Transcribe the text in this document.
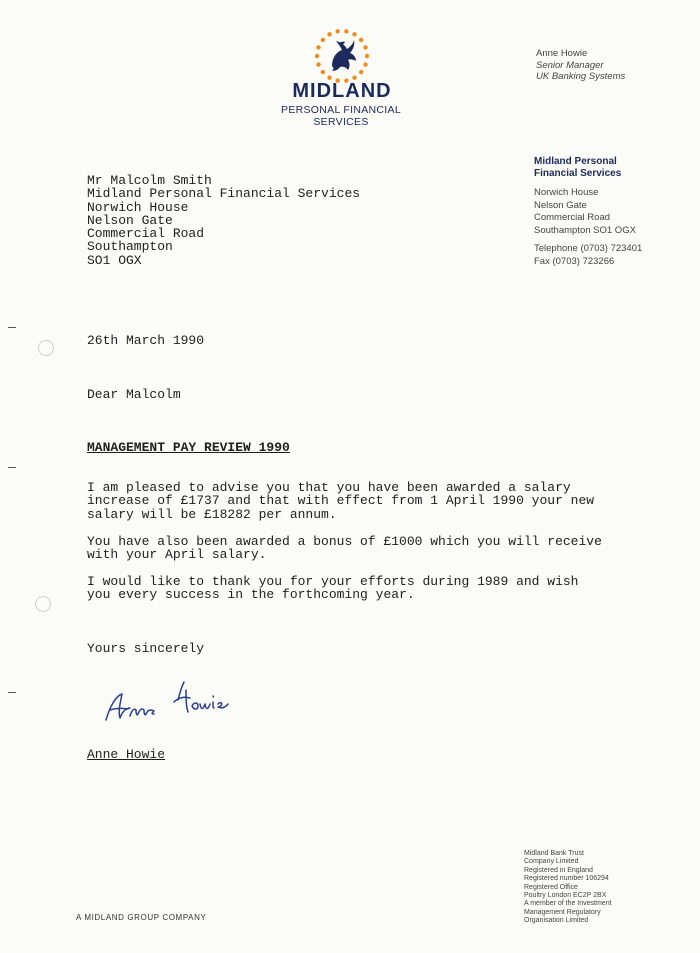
MIDLAND
PERSONAL FINANCIAL
SERVICES
Anne Howie
Senior Manager
UK Banking Systems
Midland Personal
Financial Services
Norwich House
Nelson Gate
Commercial Road
Southampton SO1 OGX
Telephone (0703) 723401
Fax (0703) 723266
Mr Malcolm Smith
Midland Personal Financial Services
Norwich House
Nelson Gate
Commercial Road
Southampton
SO1 OGX
26th March 1990
Dear Malcolm
MANAGEMENT PAY REVIEW 1990
I am pleased to advise you that you have been awarded a salary
increase of £1737 and that with effect from 1 April 1990 your new
salary will be £18282 per annum.
You have also been awarded a bonus of £1000 which you will receive
with your April salary.
I would like to thank you for your efforts during 1989 and wish
you every success in the forthcoming year.
Yours sincerely
Anne Howie
A MIDLAND GROUP COMPANY
Midland Bank Trust
Company Limited
Registered in England
Registered number 106294
Registered Office
Poultry London EC2P 2BX
A member of the Investment
Management Regulatory
Organisation Limited
